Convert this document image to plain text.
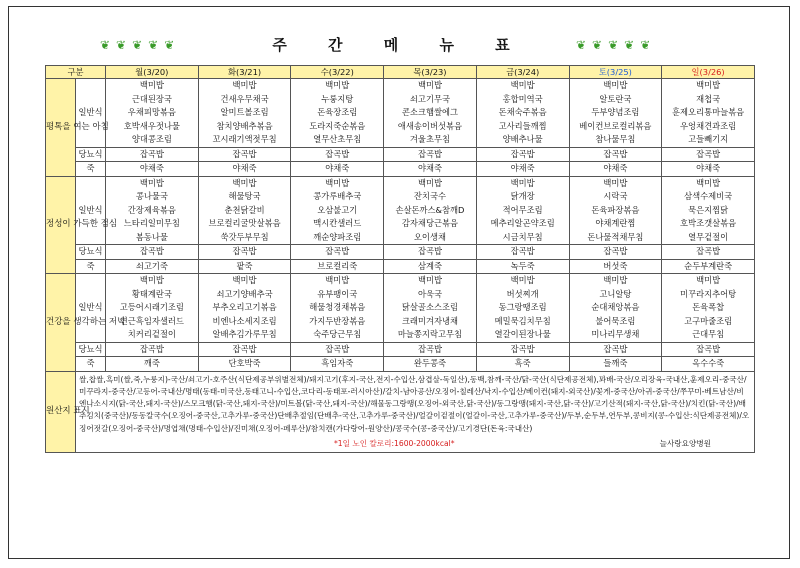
❦❦❦❦❦	❦❦❦❦❦
주 간 메 뉴 표
구분		월(3/20)	화(3/21)	수(3/22)	목(3/23)	금(3/24)	토(3/25)	일(3/26)
평톡을 여는 아침	일반식	백미밥
근대된장국
우채피망볶음
호박새우젓나물
양대콩조림	백미밥
건새우무채국
알미트볼조림
참치양배추볶음
꼬시래기액젓무침	백미밥
누룽지탕
돈육장조림
도라지죽순볶음
열무산초무침	백미밥
쇠고기무국
콘소크햄쌀에그
애새송이버섯볶음
겨울초무침	백미밥
홍합미역국
돈채숙주볶음
고사리들깨찜
양배추나물	백미밥
알토란국
두부양념조림
베이컨브로컬리볶음
참나물무침	백미밥
재첩국
훈제오리통마늘볶음
우엉채견과조림
고들빼기지

	당뇨식	잡곡밥	잡곡밥	잡곡밥	잡곡밥	잡곡밥	잡곡밥	잡곡밥
	죽	야채죽	야채죽	야채죽	야채죽	야채죽	야채죽	야채죽
정성이 가득한 점심	일반식	백미밥
콩나물국
간장제육볶음
느타리일미무침
봄동나물	백미밥
해물탕국
춘천닭갈비
브로컬리굴맛살볶음
쑥갓두부무침	백미밥
콩가루배추국
오삼불고기
맥시칸샐러드
깨순양파조림	백미밥
잔치국수
손살돈까스&참깨D
감자채당근볶음
오이생채	백미밥
닭개장
적어무조림
메추리알곤약조림
시금치무침	백미밥
시락국
돈육파장볶음
야채계란찜
돈나물적채무침	백미밥
삼색수제비국
묵은지찜닭
호박조갯살볶음
열무겉절이

	당뇨식	잡곡밥	잡곡밥	잡곡밥	잡곡밥	잡곡밥	잡곡밥	잡곡밥
	죽	쇠고기죽	팥죽	브로컬리죽	삼계죽	녹두죽	버섯죽	순두부계란죽
건강을 생각하는 저녁	일반식	백미밥
황태계란국
고등어시래기조림
연근흑임자샐러드
치커리겉절이	백미밥
쇠고기양배추국
부추오리고기볶음
비엔나소세지조림
알배추김가루무침	백미밥
유부팽이국
해물청경채볶음
가지두반장볶음
숙주당근무침	백미밥
아욱국
닭살골소스조림
크래미겨자냉채
마늘쫑지락고무침	백미밥
버섯찌개
동그랑땡조림
메밀묵김치무침
열갈이된장나물	백미밥
고니알탕
순대채앙볶음
불어묵조림
미나리무생채	백미밥
미꾸라지추어탕
돈육폭찹
고구마줄조림
근대무침

	당뇨식	잡곡밥	잡곡밥	잡곡밥	잡곡밥	잡곡밥	잡곡밥	잡곡밥
	죽	깨죽	단호박죽	흑임자죽	완두콩죽	흑죽	들깨죽	옥수수죽
원산지 표시	쌀,찹쌀,흑미(쌀,죽,누룽지)-국산/쇠고기-호주산(식단제공부위별전체)/돼지고기(후지-국산,전지-수입산,삼겹살-독일산),동백,참깨-국산/닭-국산(식단제공전체),꽈배-국산/오리장육-국내산,훈제오리-중국산/미꾸라지-중국산/고등어-국내산/명태(동태-미국산,동태고니-수입산,코다리-동태포-러시아산)/갈치-남아공산/오징어-칠레산/낙지-수입산/베이컨(돼지-외국산)/꽃게-중국산/아귀-중국산/쭈꾸미-베트남산/비엔나소시지(닭-국산,돼지-국산)/스모크햄(닭-국산,돼지-국산)/미트볼(닭-국산,돼지-국산)/해물동그랑땡(오징어-외국산,닭-국산)/동그랑땡(돼지-국산,닭-국산)/고기산적(돼지-국산,닭-국산)/치킨(닭-국산)/배추김치(중국산)/동동칼국수(오징어-중국산,고추가루-중국산)단배추절임(단배추-국산,고추가루-중국산)/얼갈이겉절이(얼갈이-국산,고추가루-중국산)/두부,순두부,연두부,콩비지(콩-수입산:식단제공전체)/오징어젓갈(오징어-중국산)/명엽채(명태-수입산)/진미채(오징어-페루산)/참치캔(가다랑어-원양산)/콩국수(콩-중국산)/고기경단(돈육:국내산)
*1일 노인 칼로리:1600-2000kcal* 늘사랑요양병원							
